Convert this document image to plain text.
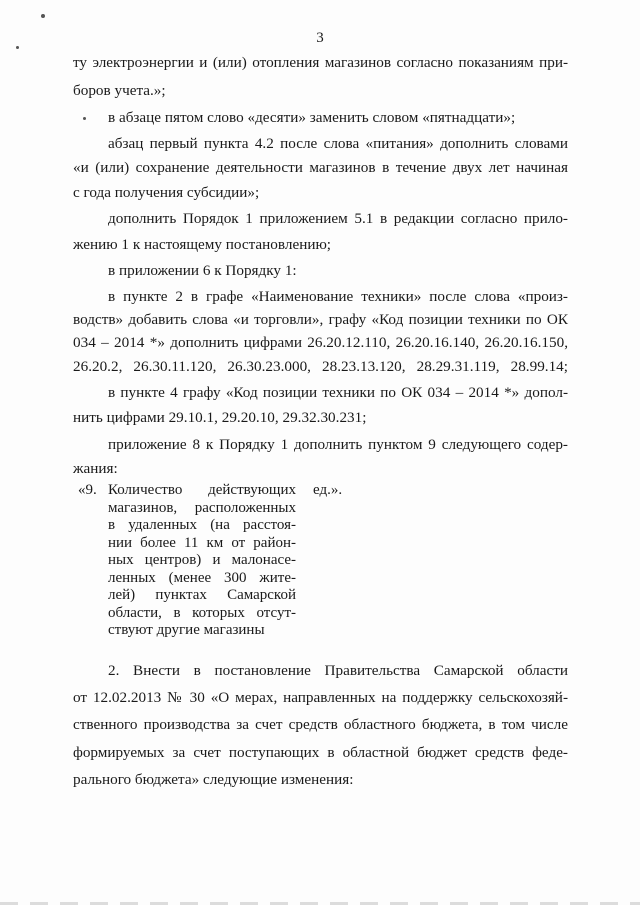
3
ту электроэнергии и (или) отопления магазинов согласно показаниям при-
боров учета.»;
в абзаце пятом слово «десяти» заменить словом «пятнадцати»;
абзац первый пункта 4.2 после слова «питания» дополнить словами
«и (или) сохранение деятельности магазинов в течение двух лет начиная
с года получения субсидии»;
дополнить Порядок 1 приложением 5.1 в редакции согласно прило-
жению 1 к настоящему постановлению;
в приложении 6 к Порядку 1:
в пункте 2 в графе «Наименование техники» после слова «произ-
водств» добавить слова «и торговли», графу «Код позиции техники по ОК
034 – 2014 *» дополнить цифрами 26.20.12.110, 26.20.16.140, 26.20.16.150,
26.20.2, 26.30.11.120, 26.30.23.000, 28.23.13.120, 28.29.31.119, 28.99.14;
в пункте 4 графу «Код позиции техники по ОК 034 – 2014 *» допол-
нить цифрами 29.10.1, 29.20.10, 29.32.30.231;
приложение 8 к Порядку 1 дополнить пунктом 9 следующего содер-
жания:
«9. Количество действующих
магазинов, расположенных
в удаленных (на расстоя-
нии более 11 км от район-
ных центров) и малонасе-
ленных (менее 300 жите-
лей) пунктах Самарской
области, в которых отсут-
ствуют другие магазины
ед.».
2. Внести в постановление Правительства Самарской области
от 12.02.2013 № 30 «О мерах, направленных на поддержку сельскохозяй-
ственного производства за счет средств областного бюджета, в том числе
формируемых за счет поступающих в областной бюджет средств феде-
рального бюджета» следующие изменения:
